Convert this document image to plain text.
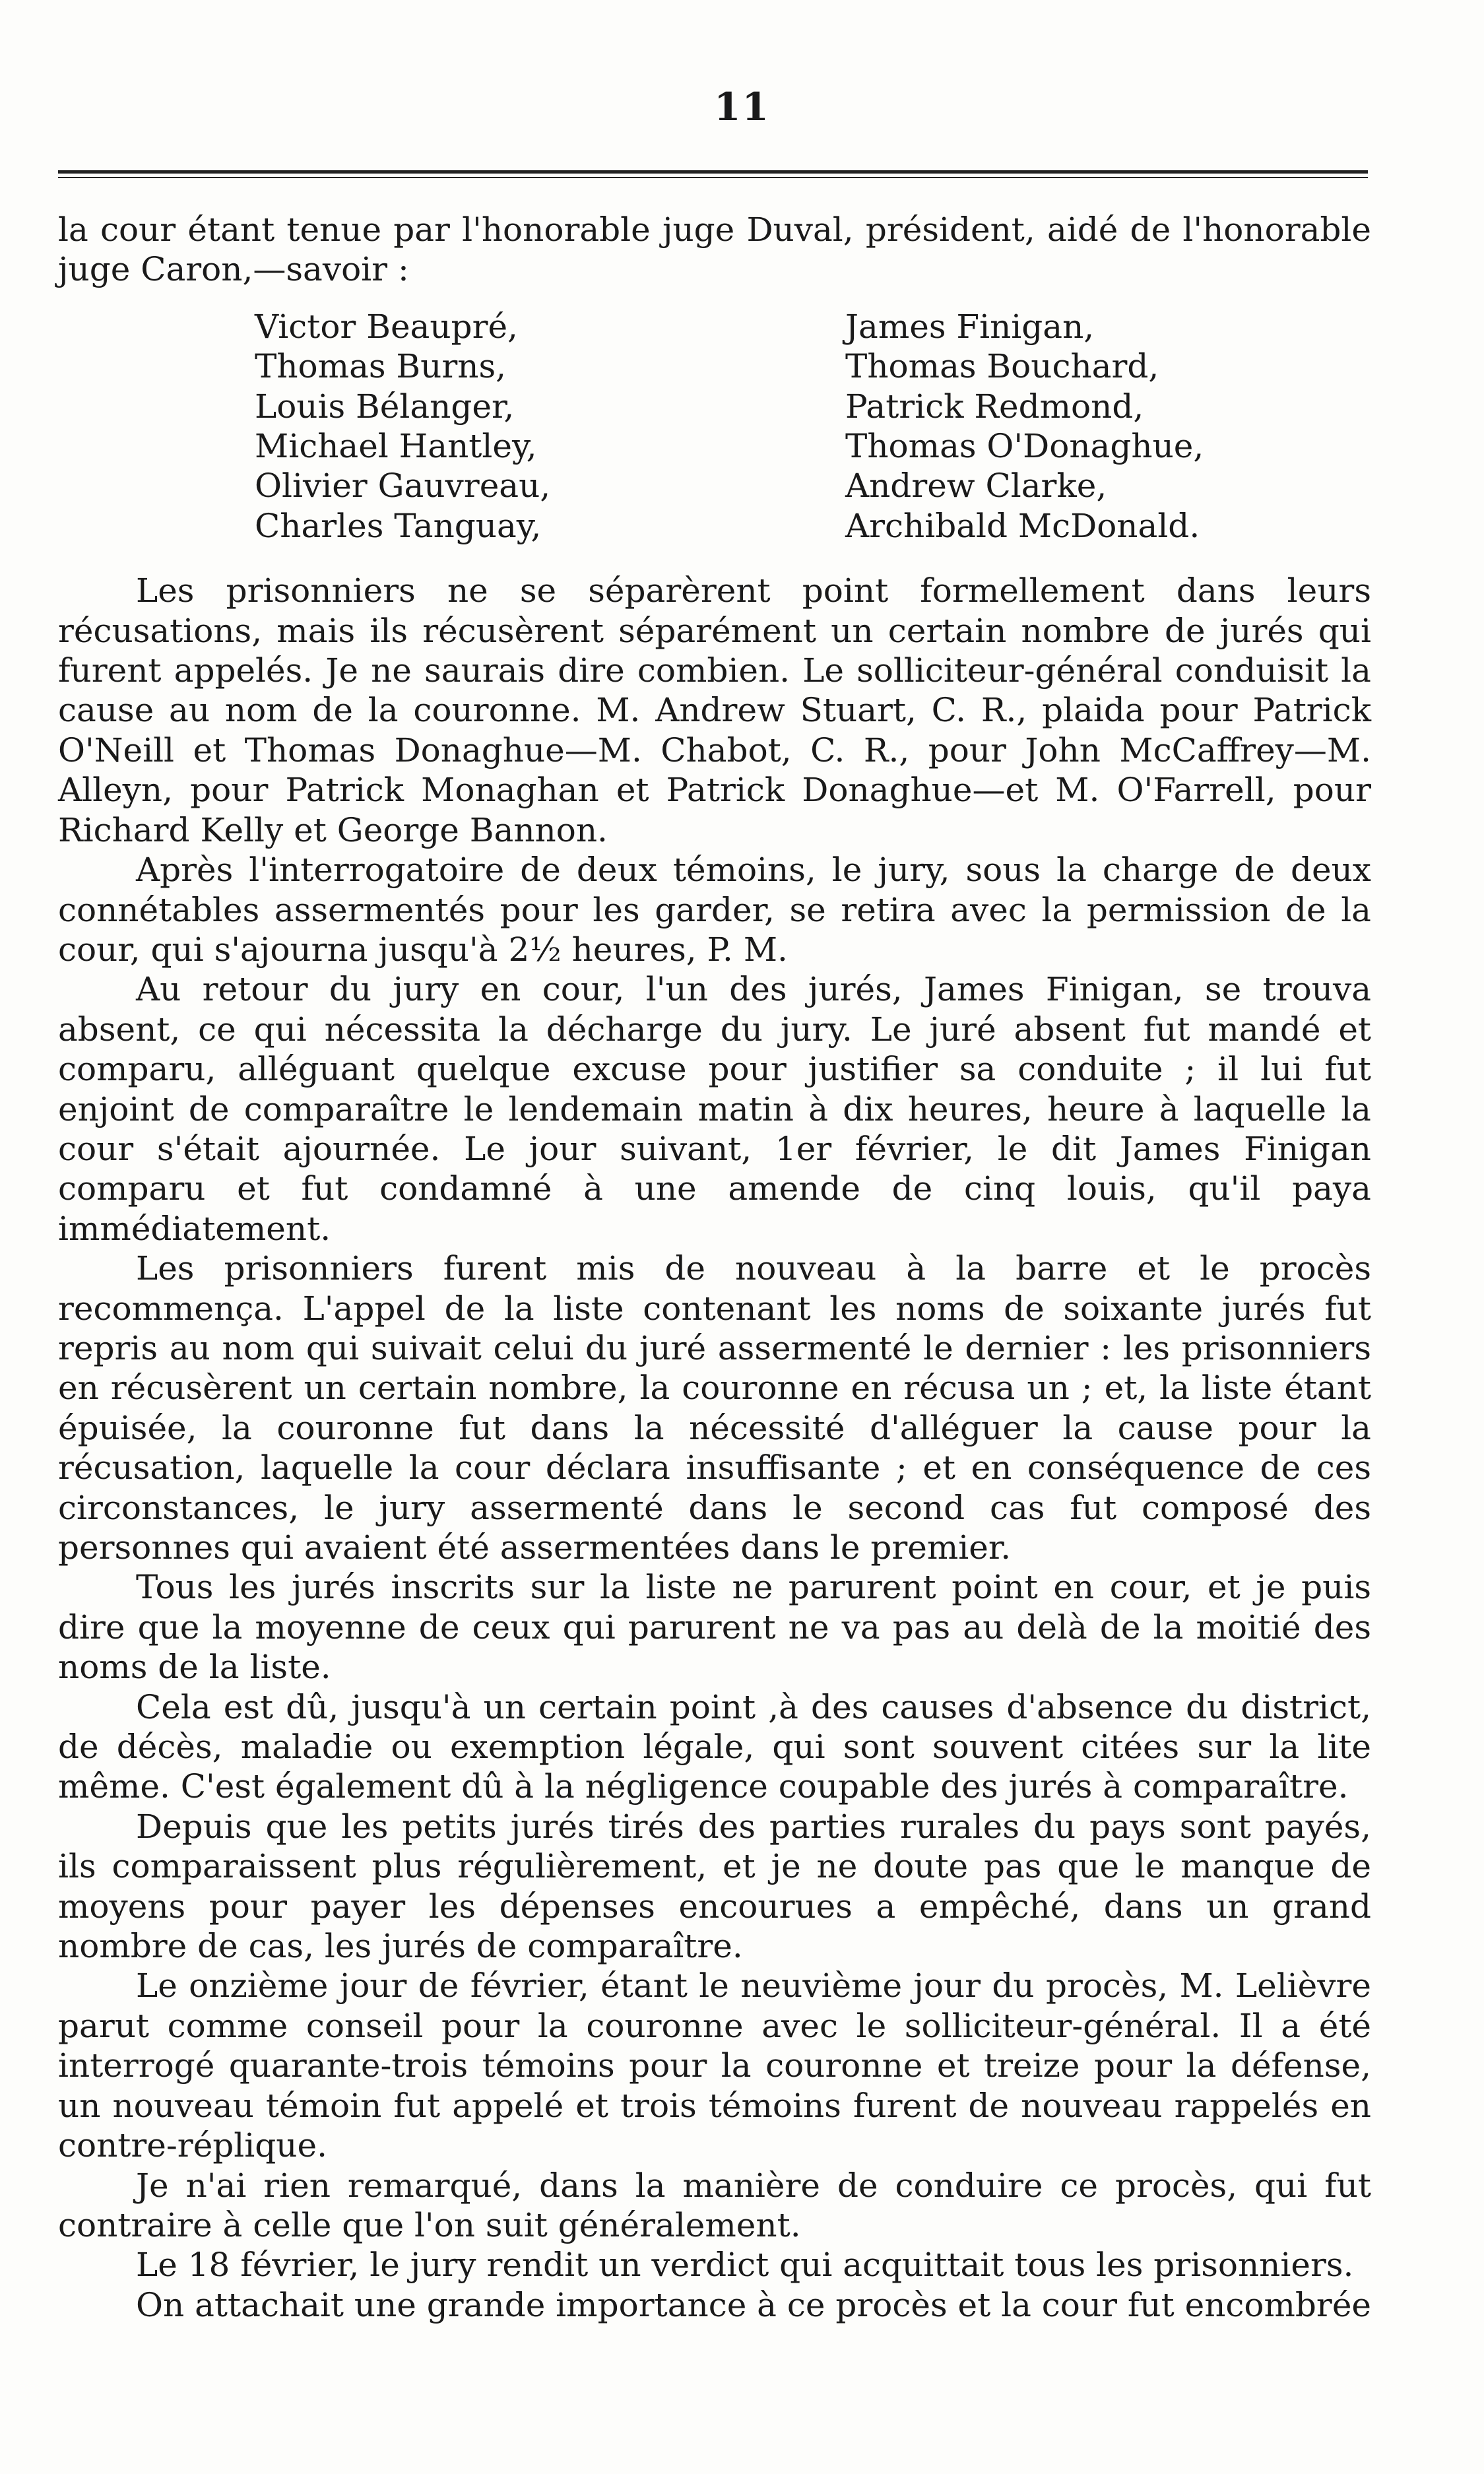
11

la cour étant tenue par l'honorable juge Duval, président, aidé de l'honorable juge Caron,—savoir :

Victor Beaupré,
Thomas Burns,
Louis Bélanger,
Michael Hantley,
Olivier Gauvreau,
Charles Tanguay,
James Finigan,
Thomas Bouchard,
Patrick Redmond,
Thomas O'Donaghue,
Andrew Clarke,
Archibald McDonald.

Les prisonniers ne se séparèrent point formellement dans leurs récusations, mais ils récusèrent séparément un certain nombre de jurés qui furent appelés. Je ne saurais dire combien. Le solliciteur-général conduisit la cause au nom de la couronne. M. Andrew Stuart, C. R., plaida pour Patrick O'Neill et Thomas Donaghue—M. Chabot, C. R., pour John McCaffrey—M. Alleyn, pour Patrick Monaghan et Patrick Donaghue—et M. O'Farrell, pour Richard Kelly et George Bannon.

Après l'interrogatoire de deux témoins, le jury, sous la charge de deux connétables assermentés pour les garder, se retira avec la permission de la cour, qui s'ajourna jusqu'à 2½ heures, P. M.

Au retour du jury en cour, l'un des jurés, James Finigan, se trouva absent, ce qui nécessita la décharge du jury. Le juré absent fut mandé et comparu, alléguant quelque excuse pour justifier sa conduite ; il lui fut enjoint de comparaître le lendemain matin à dix heures, heure à laquelle la cour s'était ajournée. Le jour suivant, 1er février, le dit James Finigan comparu et fut condamné à une amende de cinq louis, qu'il paya immédiatement.

Les prisonniers furent mis de nouveau à la barre et le procès recommença. L'appel de la liste contenant les noms de soixante jurés fut repris au nom qui suivait celui du juré assermenté le dernier : les prisonniers en récusèrent un certain nombre, la couronne en récusa un ; et, la liste étant épuisée, la couronne fut dans la nécessité d'alléguer la cause pour la récusation, laquelle la cour déclara insuffisante ; et en conséquence de ces circonstances, le jury assermenté dans le second cas fut composé des personnes qui avaient été assermentées dans le premier.

Tous les jurés inscrits sur la liste ne parurent point en cour, et je puis dire que la moyenne de ceux qui parurent ne va pas au delà de la moitié des noms de la liste.

Cela est dû, jusqu'à un certain point ,à des causes d'absence du district, de décès, maladie ou exemption légale, qui sont souvent citées sur la lite même. C'est également dû à la négligence coupable des jurés à comparaître.

Depuis que les petits jurés tirés des parties rurales du pays sont payés, ils comparaissent plus régulièrement, et je ne doute pas que le manque de moyens pour payer les dépenses encourues a empêché, dans un grand nombre de cas, les jurés de comparaître.

Le onzième jour de février, étant le neuvième jour du procès, M. Lelièvre parut comme conseil pour la couronne avec le solliciteur-général. Il a été interrogé quarante-trois témoins pour la couronne et treize pour la défense, un nouveau témoin fut appelé et trois témoins furent de nouveau rappelés en contre-réplique.

Je n'ai rien remarqué, dans la manière de conduire ce procès, qui fut contraire à celle que l'on suit généralement.

Le 18 février, le jury rendit un verdict qui acquittait tous les prisonniers.

On attachait une grande importance à ce procès et la cour fut encombrée
